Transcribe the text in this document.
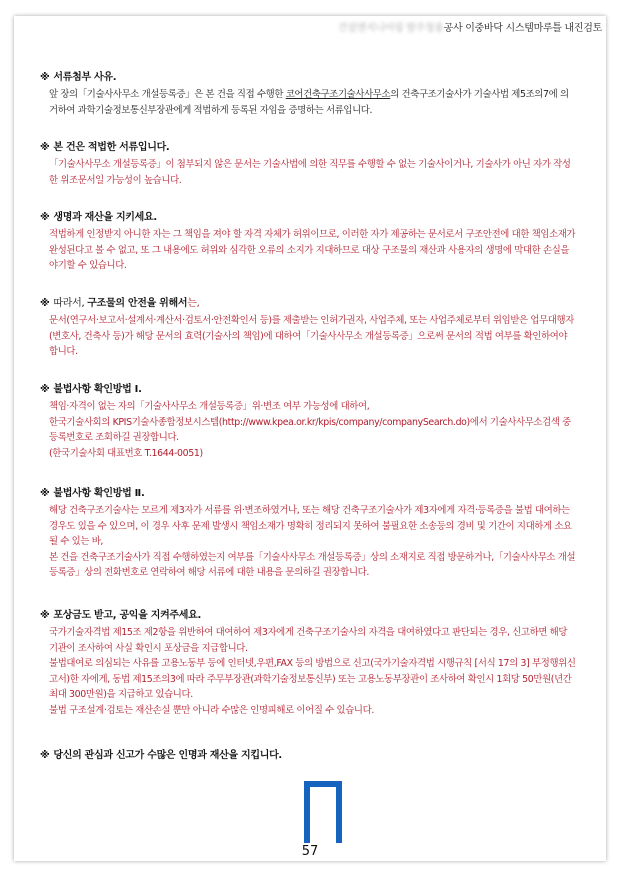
건설엔지니어링 발주청용공사 이중바닥 시스템마루틀 내진검토
※ 서류첨부 사유.

앞 장의「기술사사무소 개설등록증」은 본 건을 직접 수행한 코어건축구조기술사사무소의 건축구조기술사가 기술사법 제5조의7에 의거하여 과학기술정보통신부장관에게 적법하게 등록된 자임을 증명하는 서류입니다.

※ 본 건은 적법한 서류입니다.

「기술사사무소 개설등록증」이 첨부되지 않은 문서는 기술사법에 의한 직무를 수행할 수 없는 기술사이거나, 기술사가 아닌 자가 작성한 위조문서일 가능성이 높습니다.

※ 생명과 재산을 지키세요.

적법하게 인정받지 아니한 자는 그 책임을 져야 할 자격 자체가 허위이므로, 이러한 자가 제공하는 문서로서 구조안전에 대한 책임소재가 완성된다고 볼 수 없고, 또 그 내용에도 허위와 심각한 오류의 소지가 지대하므로 대상 구조물의 재산과 사용자의 생명에 막대한 손실을 야기할 수 있습니다.

※ 따라서, 구조물의 안전을 위해서는,

문서(연구서·보고서·설계서·계산서·검토서·안전확인서 등)를 제출받는 인허가권자, 사업주체, 또는 사업주체로부터 위임받은 업무대행자(변호사, 건축사 등)가 해당 문서의 효력(기술사의 책임)에 대하여「기술사사무소 개설등록증」으로써 문서의 적법 여부를 확인하여야 합니다.

※ 불법사항 확인방법 Ⅰ.

책임·자격이 없는 자의「기술사사무소 개설등록증」위·변조 여부 가능성에 대하여,

한국기술사회의 KPIS기술사종합정보시스템(http://www.kpea.or.kr/kpis/company/companySearch.do)에서 기술사사무소검색 중 등록번호로 조회하길 권장합니다.

(한국기술사회 대표번호 T.1644-0051)

※ 불법사항 확인방법 Ⅱ.

해당 건축구조기술사는 모르게 제3자가 서류를 위·변조하였거나, 또는 해당 건축구조기술사가 제3자에게 자격·등록증을 불법 대여하는 경우도 있을 수 있으며, 이 경우 사후 문제 발생시 책임소재가 명확히 정리되지 못하여 불필요한 소송등의 경비 및 기간이 지대하게 소요될 수 있는 바,

본 건을 건축구조기술사가 직접 수행하였는지 여부를「기술사사무소 개설등록증」상의 소재지로 직접 방문하거나,「기술사사무소 개설등록증」상의 전화번호로 연락하여 해당 서류에 대한 내용을 문의하길 권장합니다.

※ 포상금도 받고, 공익을 지켜주세요.

국가기술자격법 제15조 제2항을 위반하여 대여하여 제3자에게 건축구조기술사의 자격을 대여하였다고 판단되는 경우, 신고하면 해당 기관이 조사하여 사실 확인시 포상금을 지급합니다.

불법대여로 의심되는 사유를 고용노동부 등에 인터넷,우편,FAX 등의 방법으로 신고(국가기술자격법 시행규칙 [서식 17의 3] 부정행위신고서)한 자에게, 동법 제15조의3에 따라 주무부장관(과학기술정보통신부) 또는 고용노동부장관이 조사하여 확인시 1회당 50만원(년간 최대 300만원)을 지급하고 있습니다.

불법 구조설계·검토는 재산손실 뿐만 아니라 수많은 인명피해로 이어질 수 있습니다.

※ 당신의 관심과 신고가 수많은 인명과 재산을 지킵니다.
57
